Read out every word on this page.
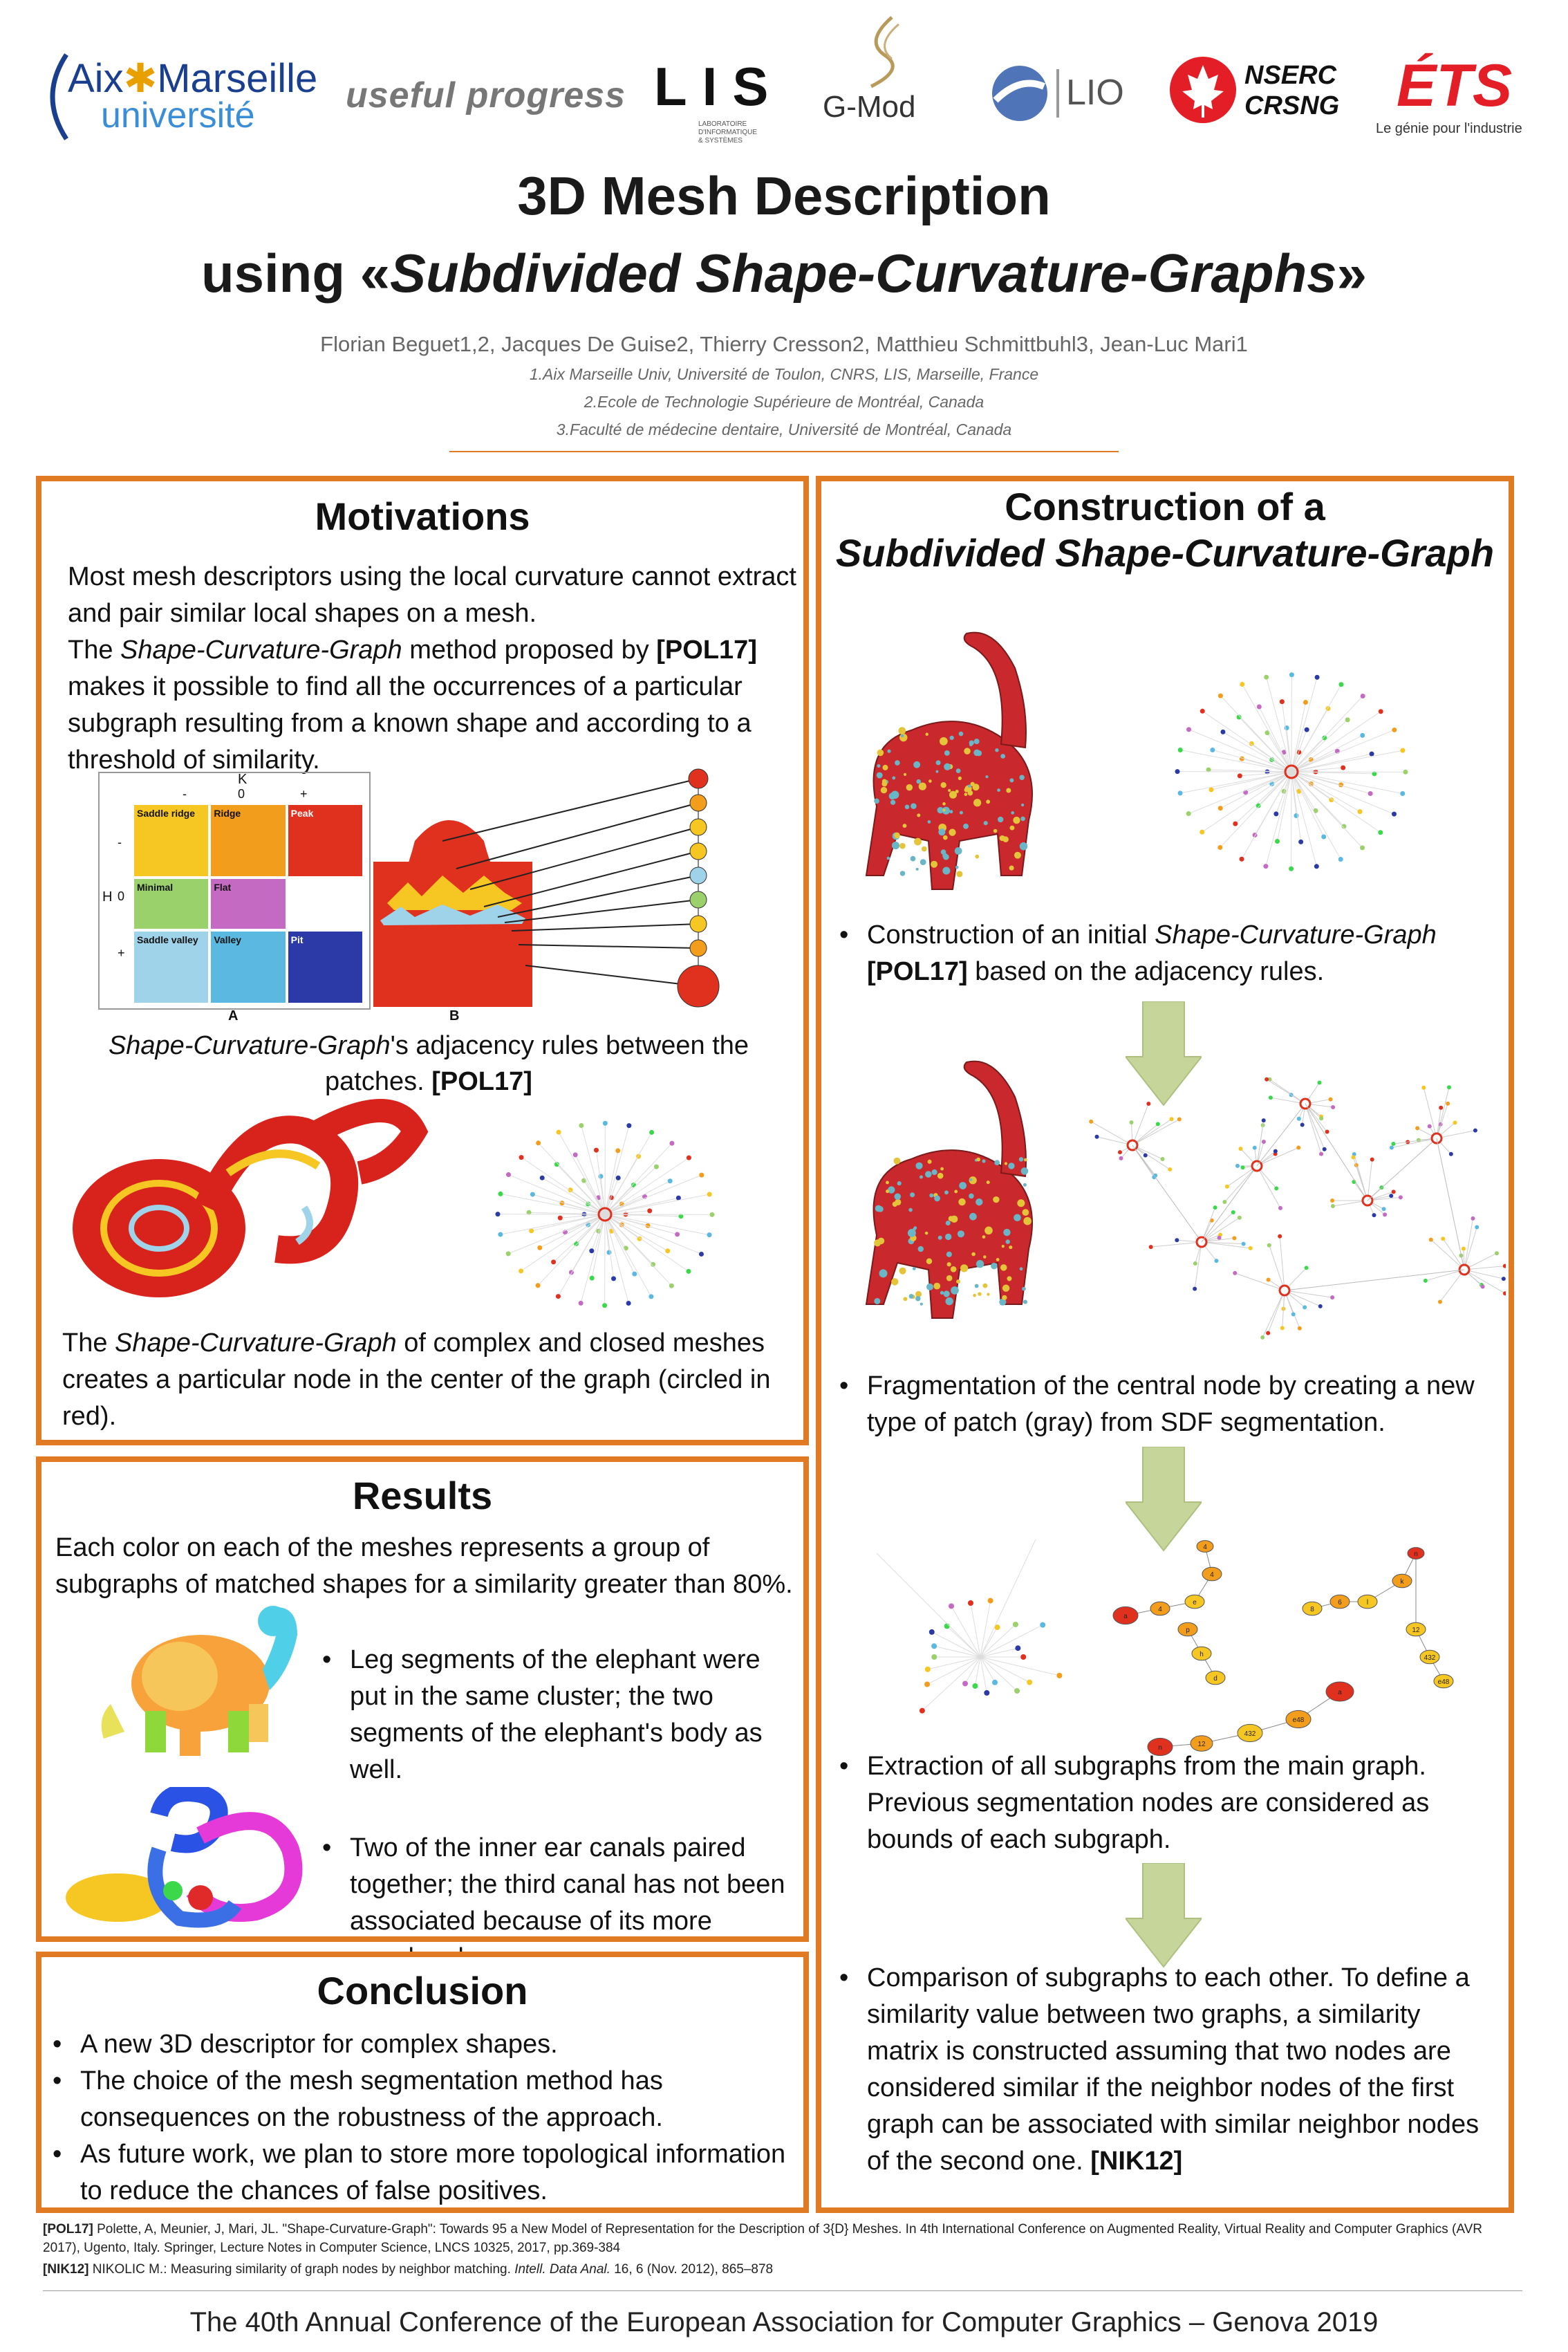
Aix✱Marseille
université	useful progress LIS
LABORATOIRE
D'INFORMATIQUE
& SYSTÈMES
G-Mod	LIO	NSERC
CRSNG ÉTS
Le génie pour l'industrie
3D Mesh Description
using «Subdivided Shape-Curvature-Graphs»
Florian Beguet1,2, Jacques De Guise2, Thierry Cresson2, Matthieu Schmittbuhl3, Jean-Luc Mari1
1.Aix Marseille Univ, Université de Toulon, CNRS, LIS, Marseille, France
2.Ecole de Technologie Supérieure de Montréal, Canada
3.Faculté de médecine dentaire, Université de Montréal, Canada
Motivations
Most mesh descriptors using the local curvature cannot extract and pair similar local shapes on a mesh.
The Shape-Curvature-Graph method proposed by [POL17] makes it possible to find all the occurrences of a particular subgraph resulting from a known shape and according to a threshold of similarity.
K
-	0	+
H
-
0
+
Saddle ridge	Ridge	Peak
Minimal	Flat
Saddle valley	Valley	Pit
A	B
Shape-Curvature-Graph's adjacency rules between the patches. [POL17]
The Shape-Curvature-Graph of complex and closed meshes creates a particular node in the center of the graph (circled in red).
Results
Each color on each of the meshes represents a group of subgraphs of matched shapes for a similarity greater than 80%.
• Leg segments of the elephant were put in the same cluster; the two segments of the elephant's body as well.
• Two of the inner ear canals paired together; the third canal has not been associated because of its more
Conclusion
• A new 3D descriptor for complex shapes.
• The choice of the mesh segmentation method has consequences on the robustness of the approach.
• As future work, we plan to store more topological information to reduce the chances of false positives.
Construction of a
Subdivided Shape-Curvature-Graph
• Construction of an initial Shape-Curvature-Graph
[POL17] based on the adjacency rules.
• Fragmentation of the central node by creating a new type of patch (gray) from SDF segmentation.
a
4
e
4
4
p
h
d
8
6	l
k
n
12
432
e48
n	12
432
e48
a
• Extraction of all subgraphs from the main graph. Previous segmentation nodes are considered as bounds of each subgraph.
• Comparison of subgraphs to each other. To define a similarity value between two graphs, a similarity matrix is constructed assuming that two nodes are considered similar if the neighbor nodes of the first graph can be associated with similar neighbor nodes of the second one. [NIK12]
[POL17] Polette, A, Meunier, J, Mari, JL. "Shape-Curvature-Graph": Towards 95 a New Model of Representation for the Description of 3{D} Meshes. In 4th International Conference on Augmented Reality, Virtual Reality and Computer Graphics (AVR 2017), Ugento, Italy. Springer, Lecture Notes in Computer Science, LNCS 10325, 2017, pp.369-384
[NIK12] NIKOLIC M.: Measuring similarity of graph nodes by neighbor matching. Intell. Data Anal. 16, 6 (Nov. 2012), 865–878
The 40th Annual Conference of the European Association for Computer Graphics – Genova 2019
